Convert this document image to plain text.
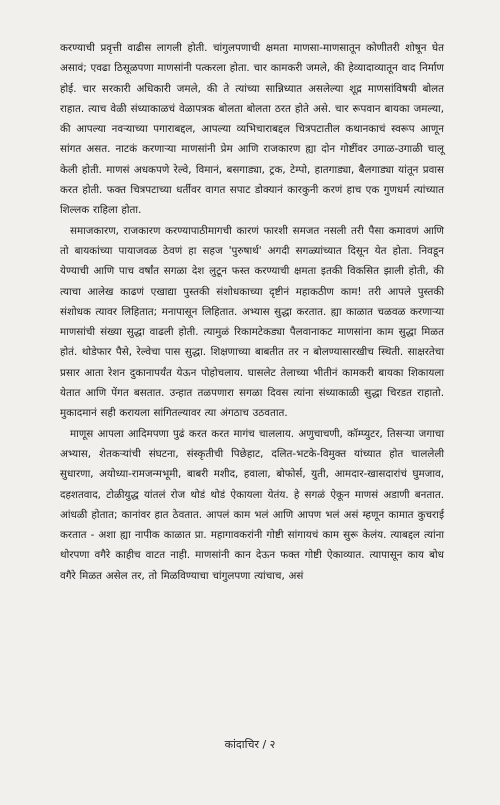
करण्याची प्रवृत्ती वाढीस लागली होती. चांगुलपणाची क्षमता माणसा-माणसातून कोणीतरी शोषून घेत असावं; एवढा ठिसूळपणा माणसांनी पत्करला होता. चार कामकरी जमले, की हेव्यादाव्यातून वाद निर्माण होई. चार सरकारी अधिकारी जमले, की ते त्यांच्या सान्निध्यात असलेल्या शूद्र माणसांविषयी बोलत राहात. त्याच वेळी संध्याकाळचं वेळापत्रक बोलता बोलता ठरत होते असे. चार रूपवान बायका जमल्या, की आपल्या नवऱ्याच्या पगाराबद्दल, आपल्या व्यभिचाराबद्दल चित्रपटातील कथानकाचं स्वरूप आणून सांगत असत. नाटकं करणाऱ्या माणसांनी प्रेम आणि राजकारण ह्या दोन गोष्टींवर उगाळ-उगाळी चालू केली होती. माणसं अधकपणे रेल्वे, विमानं, बसगाड्या, ट्रक, टेम्पो, हातगाड्या, बैलगाड्या यांतून प्रवास करत होती. फक्त चित्रपटाच्या धर्तीवर वागत सपाट डोक्यानं कारकुनी करणं हाच एक गुणधर्म त्यांच्यात शिल्लक राहिला होता.

समाजकारण, राजकारण करण्यापाठीमागची कारणं फारशी समजत नसली तरी पैसा कमावणं आणि तो बायकांच्या पायाजवळ ठेवणं हा सहज 'पुरुषार्थ' अगदी सगळ्यांच्यात दिसून येत होता. निवडून येण्याची आणि पाच वर्षांत सगळा देश लुटून फस्त करण्याची क्षमता इतकी विकसित झाली होती, की त्याचा आलेख काढणं एखाद्या पुस्तकी संशोधकाच्या दृष्टीनं महाकठीण काम! तरी आपले पुस्तकी संशोधक त्यावर लिहितात; मनापासून लिहितात. अभ्यास सुद्धा करतात. ह्या काळात चळवळ करणाऱ्या माणसांची संख्या सुद्धा वाढली होती. त्यामुळं रिकामटेकड्या पैलवानाकट माणसांना काम सुद्धा मिळत होतं. थोडेफार पैसे, रेल्वेचा पास सुद्धा. शिक्षणाच्या बाबतीत तर न बोलण्यासारखीच स्थिती. साक्षरतेचा प्रसार आता रेशन दुकानापर्यंत येऊन पोहोचलाय. घासलेट तेलाच्या भीतीनं कामकरी बायका शिकायला येतात आणि पेंगत बसतात. उन्हात तळपणारा सगळा दिवस त्यांना संध्याकाळी सुद्धा चिरडत राहातो. मुकादमानं सही करायला सांगितल्यावर त्या अंगठाच उठवतात.

माणूस आपला आदिमपणा पुढं करत करत मागंच चाललाय. अणुचाचणी, कॉम्प्युटर, तिसऱ्या जगाचा अभ्यास, शेतकऱ्यांची संघटना, संस्कृतीची पिछेहाट, दलित-भटके-विमुक्त यांच्यात होत चाललेली सुधारणा, अयोध्या-रामजन्मभूमी, बाबरी मशीद, हवाला, बोफोर्स, युती, आमदार-खासदारांचं घुमजाव, दहशतवाद, टोळीयुद्ध यांतलं रोज थोडं थोडं ऐकायला येतंय. हे सगळं ऐकून माणसं अडाणी बनतात. आंधळी होतात; कानांवर हात ठेवतात. आपलं काम भलं आणि आपण भलं असं म्हणून कामात कुचराई करतात - अशा ह्या नापीक काळात प्रा. महागावकरांनी गोष्टी सांगायचं काम सुरू केलंय. त्याबद्दल त्यांना थोरपणा वगैरे काहीच वाटत नाही. माणसांनी कान देऊन फक्त गोष्टी ऐकाव्यात. त्यापासून काय बोध वगैरे मिळत असेल तर, तो मिळविण्याचा चांगुलपणा त्यांचाच, असं

कांदाचिर / २
